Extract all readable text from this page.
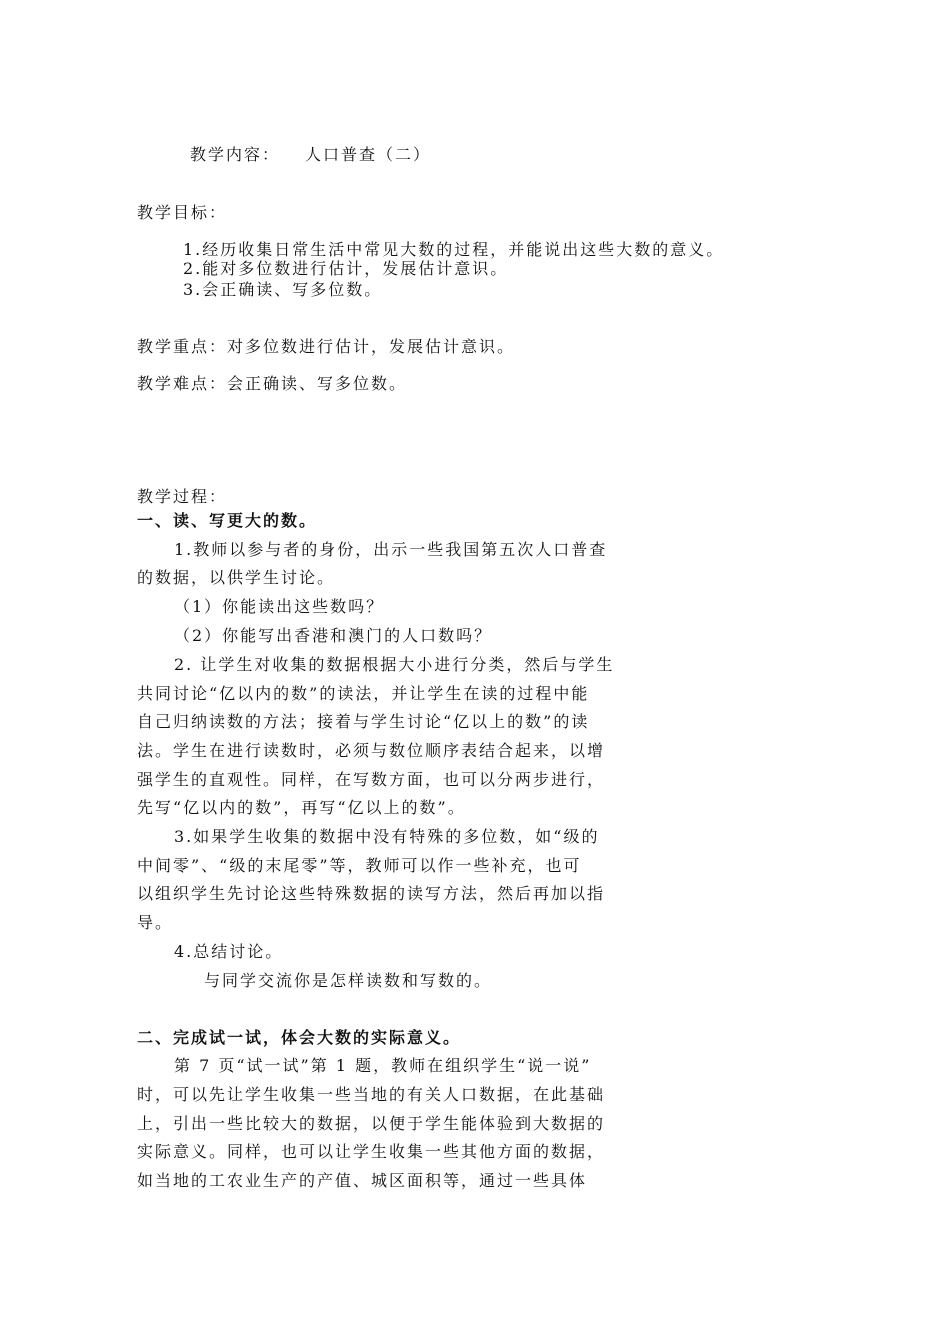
教学内容： 人口普查（二）
教学目标：
1.经历收集日常生活中常见大数的过程，并能说出这些大数的意义。
2.能对多位数进行估计，发展估计意识。
3.会正确读、写多位数。
教学重点：对多位数进行估计，发展估计意识。
教学难点：会正确读、写多位数。
教学过程：
一、读、写更大的数。
1.教师以参与者的身份，出示一些我国第五次人口普查
的数据，以供学生讨论。
（1）你能读出这些数吗？
（2）你能写出香港和澳门的人口数吗？
2. 让学生对收集的数据根据大小进行分类，然后与学生
共同讨论“亿以内的数”的读法，并让学生在读的过程中能
自己归纳读数的方法；接着与学生讨论“亿以上的数”的读
法。学生在进行读数时，必须与数位顺序表结合起来，以增
强学生的直观性。同样，在写数方面，也可以分两步进行，
先写“亿以内的数”，再写“亿以上的数”。
3.如果学生收集的数据中没有特殊的多位数，如“级的
中间零”、“级的末尾零”等，教师可以作一些补充，也可
以组织学生先讨论这些特殊数据的读写方法，然后再加以指
导。
4.总结讨论。
与同学交流你是怎样读数和写数的。
二、完成试一试，体会大数的实际意义。
第 7 页“试一试”第 1 题，教师在组织学生“说一说”
时，可以先让学生收集一些当地的有关人口数据，在此基础
上，引出一些比较大的数据，以便于学生能体验到大数据的
实际意义。同样，也可以让学生收集一些其他方面的数据，
如当地的工农业生产的产值、城区面积等，通过一些具体
